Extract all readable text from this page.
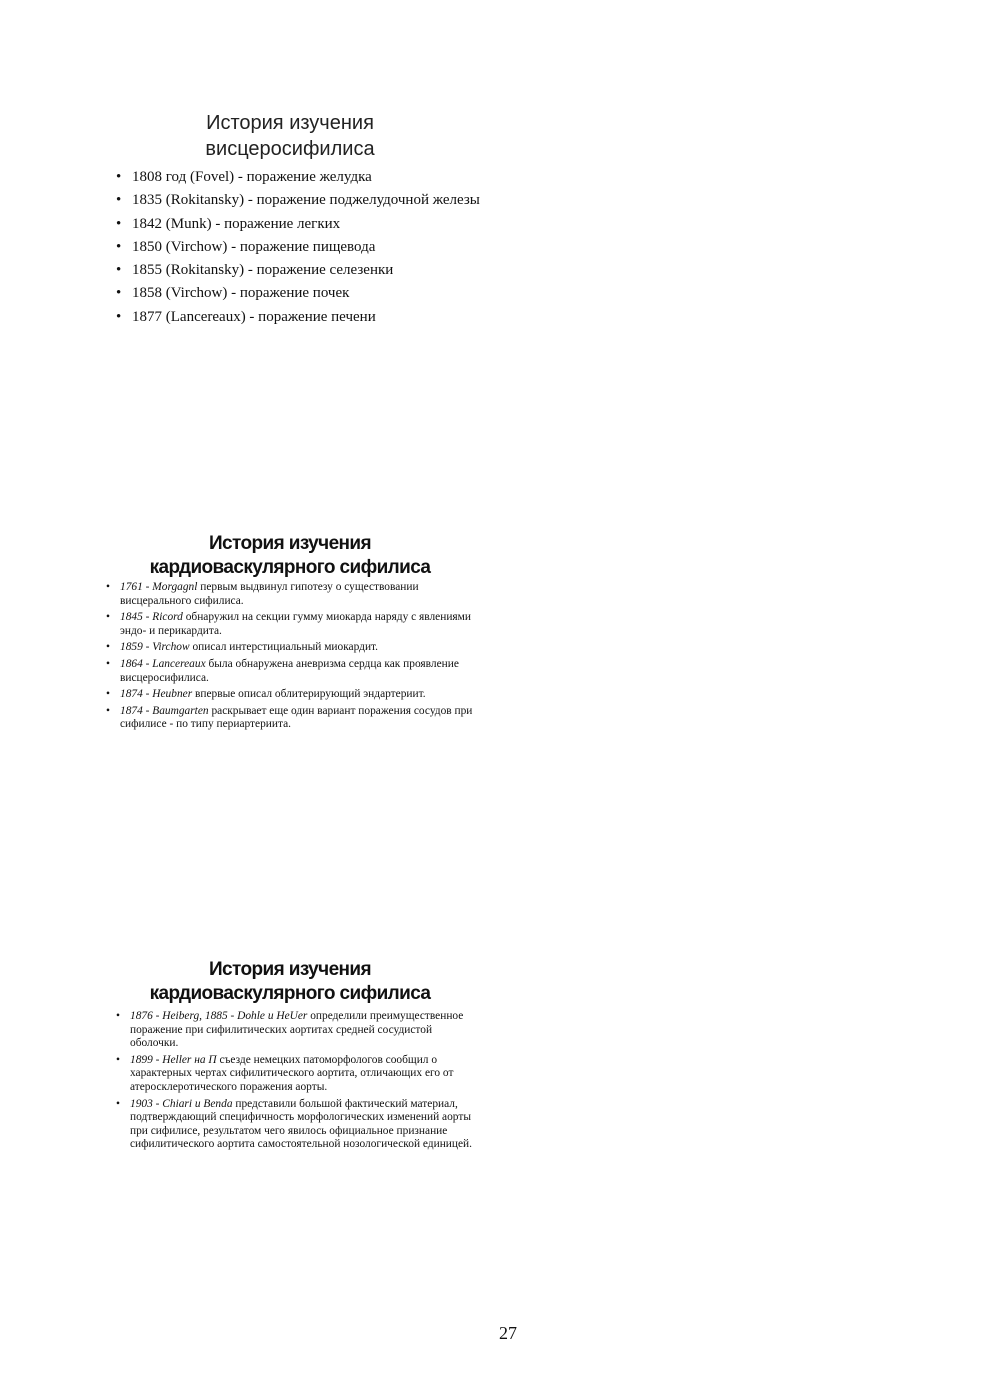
История изучения
висцеросифилиса
• 1808 год (Fovel) - поражение желудка
• 1835 (Rokitansky) - поражение поджелудочной железы
• 1842 (Munk) - поражение легких
• 1850 (Virchow) - поражение пищевода
• 1855 (Rokitansky) - поражение селезенки
• 1858 (Virchow) - поражение почек
• 1877 (Lancereaux) - поражение печени
История изучения
кардиоваскулярного сифилиса
• 1761 - Morgagnl первым выдвинул гипотезу о существовании висцерального сифилиса.
• 1845 - Ricord обнаружил на секции гумму миокарда наряду с явлениями эндо- и перикардита.
• 1859 - Virchow описал интерстициальный миокардит.
• 1864 - Lancereaux была обнаружена аневризма сердца как проявление висцеросифилиса.
• 1874 - Heubner впервые описал облитерирующий эндартериит.
• 1874 - Baumgarten раскрывает еще один вариант поражения сосудов при сифилисе - по типу периартериита.
История изучения
кардиоваскулярного сифилиса
• 1876 - Heiberg, 1885 - Dohle и HeUer определили преимущественное поражение при сифилитических аортитах средней сосудистой оболочки.
• 1899 - Heller на П съезде немецких патоморфологов сообщил о характерных чертах сифилитического аортита, отличающих его от атеросклеротического поражения аорты.
• 1903 - Chiari и Benda представили большой фактический материал, подтверждающий специфичность морфологических изменений аорты при сифилисе, результатом чего явилось официальное признание сифилитического аортита самостоятельной нозологической единицей.
27
